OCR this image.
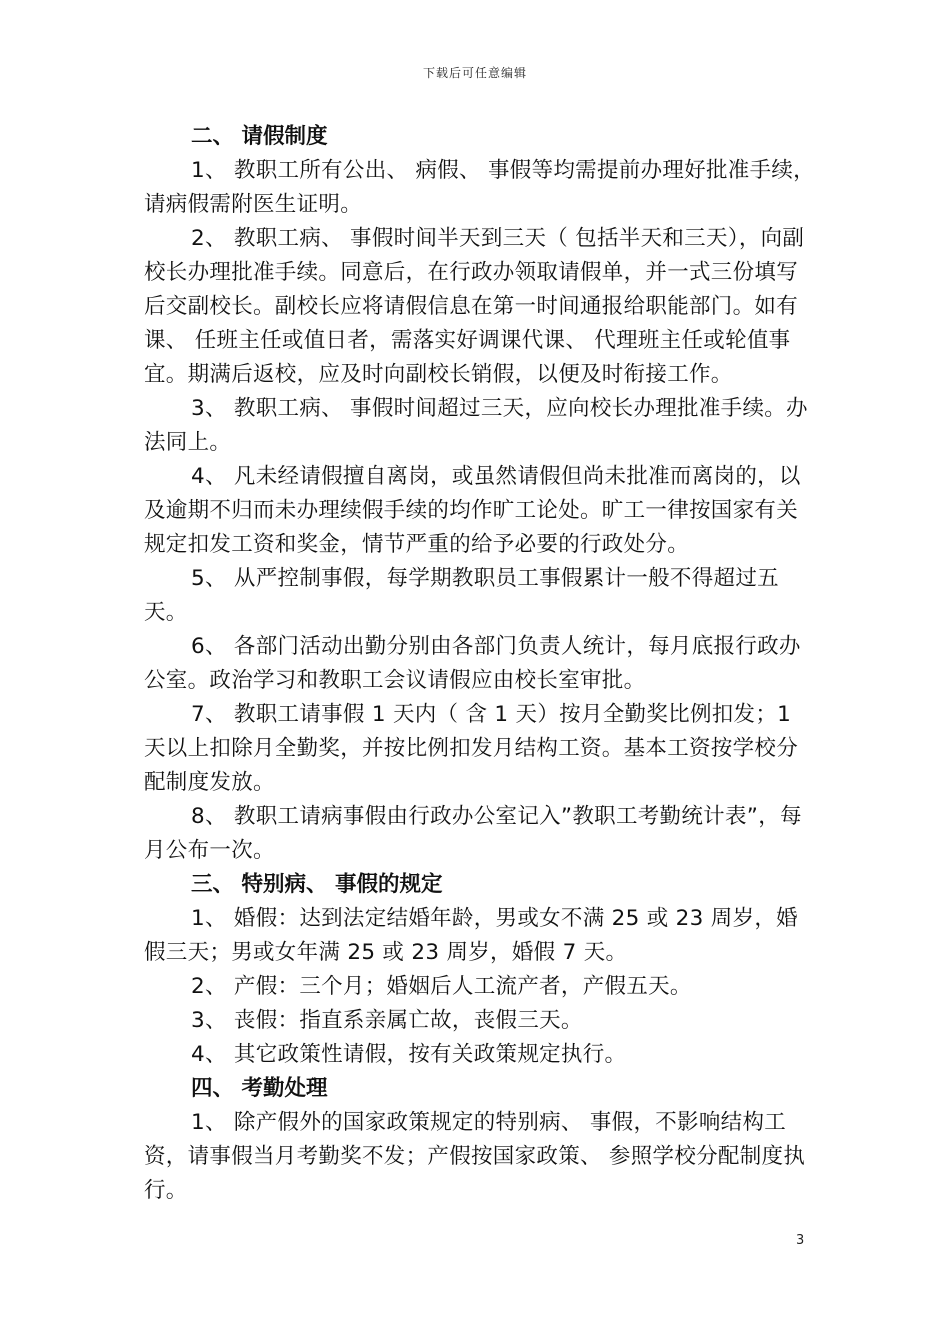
下载后可任意编辑

二、 请假制度

1、 教职工所有公出、 病假、 事假等均需提前办理好批准手续，请病假需附医生证明。

2、 教职工病、 事假时间半天到三天（ 包括半天和三天），向副校长办理批准手续。同意后，在行政办领取请假单，并一式三份填写后交副校长。副校长应将请假信息在第一时间通报给职能部门。如有课、 任班主任或值日者，需落实好调课代课、 代理班主任或轮值事宜。期满后返校，应及时向副校长销假，以便及时衔接工作。

3、 教职工病、 事假时间超过三天，应向校长办理批准手续。办法同上。

4、 凡未经请假擅自离岗，或虽然请假但尚未批准而离岗的，以及逾期不归而未办理续假手续的均作旷工论处。旷工一律按国家有关规定扣发工资和奖金，情节严重的给予必要的行政处分。

5、 从严控制事假，每学期教职员工事假累计一般不得超过五天。

6、 各部门活动出勤分别由各部门负责人统计，每月底报行政办公室。政治学习和教职工会议请假应由校长室审批。

7、 教职工请事假 1 天内（ 含 1 天）按月全勤奖比例扣发；1 天以上扣除月全勤奖，并按比例扣发月结构工资。基本工资按学校分配制度发放。

8、 教职工请病事假由行政办公室记入”教职工考勤统计表”，每月公布一次。

三、 特别病、 事假的规定

1、 婚假：达到法定结婚年龄，男或女不满 25 或 23 周岁，婚假三天；男或女年满 25 或 23 周岁，婚假 7 天。

2、 产假：三个月；婚姻后人工流产者，产假五天。

3、 丧假：指直系亲属亡故，丧假三天。

4、 其它政策性请假，按有关政策规定执行。

四、 考勤处理

1、 除产假外的国家政策规定的特别病、 事假，不影响结构工资，请事假当月考勤奖不发；产假按国家政策、 参照学校分配制度执行。

3
